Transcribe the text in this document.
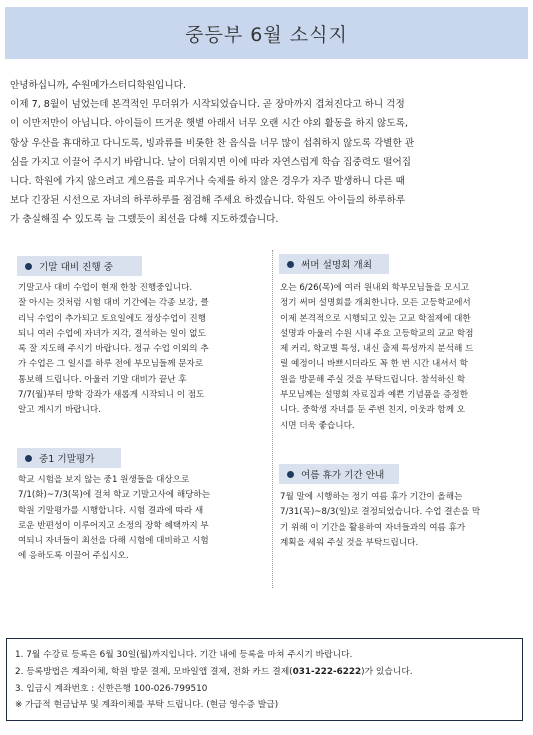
중등부 6월 소식지
안녕하십니까, 수원메가스터디학원입니다.
이제 7, 8월이 넘었는데 본격적인 무더위가 시작되었습니다. 곧 장마까지 겹쳐진다고 하니 걱정
이 이만저만이 아닙니다. 아이들이 뜨거운 햇볕 아래서 너무 오랜 시간 야외 활동을 하지 않도록,
항상 우산을 휴대하고 다니도록, 빙과류를 비롯한 찬 음식을 너무 많이 섭취하지 않도록 각별한 관
심을 가지고 이끌어 주시기 바랍니다. 날이 더워지면 이에 따라 자연스럽게 학습 집중력도 떨어집
니다. 학원에 가지 않으려고 게으름을 피우거나 숙제를 하지 않은 경우가 자주 발생하니 다른 때
보다 긴장된 시선으로 자녀의 하루하루를 점검해 주세요 하겠습니다. 학원도 아이들의 하루하루
가 충실해질 수 있도록 늘 그랬듯이 최선을 다해 지도하겠습니다.
기말 대비 진행 중
기말고사 대비 수업이 현재 한창 진행중입니다.
잘 아시는 것처럼 시험 대비 기간에는 각종 보강, 클
리닉 수업이 추가되고 토요일에도 정상수업이 진행
되니 여러 수업에 자녀가 지각, 결석하는 일이 없도
록 잘 지도해 주시기 바랍니다. 정규 수업 이외의 추
가 수업은 그 일시를 하루 전에 부모님들께 문자로
통보해 드립니다. 아울러 기말 대비가 끝난 후
7/7(월)부터 방학 강좌가 새롭게 시작되니 이 점도
알고 계시기 바랍니다.
중1 기말평가
학교 시험을 보지 않는 중1 원생들을 대상으로
7/1(화)~7/3(목)에 걸쳐 학교 기말고사에 해당하는
학원 기말평가를 시행합니다. 시험 결과에 따라 새
로운 반편성이 이루어지고 소정의 장학 혜택까지 부
여되니 자녀들이 최선을 다해 시험에 대비하고 시험
에 응하도록 이끌어 주십시오.
써머 설명회 개최
오는 6/26(목)에 여러 원내외 학부모님들을 모시고
정기 써머 설명회를 개최한니다. 모든 고등학교에서
이제 본격적으로 시행되고 있는 고교 학점제에 대한
설명과 아울러 수원 시내 주요 고등학교의 교교 학점
제 커리, 학교별 특성, 내신 출제 특성까지 분석해 드
릴 예정이니 바쁘시더라도 꼭 한 번 시간 내셔서 학
원을 방문해 주실 것을 부탁드립니다. 참석하신 학
부모님께는 설명회 자료집과 예쁜 기념품을 증정한
니다. 중학생 자녀를 둔 주변 친지, 이웃과 함께 오
시면 더욱 좋습니다.
여름 휴가 기간 안내
7월 말에 시행하는 정기 여름 휴가 기간이 올해는
7/31(목)~8/3(일)로 결정되었습니다. 수업 결손을 막
기 위해 이 기간을 활용하여 자녀들과의 여름 휴가
계획을 세워 주실 것을 부탁드립니다.
1. 7월 수강료 등록은 6월 30일(월)까지입니다. 기간 내에 등록을 마쳐 주시기 바랍니다.
2. 등록방법은 계좌이체, 학원 방문 결제, 모바일앱 결제, 전화 카드 결제(031-222-6222)가 있습니다.
3. 입금시 계좌번호 : 신한은행 100-026-799510
※ 가급적 현금납부 및 계좌이체를 부탁 드립니다. (현금 영수증 발급)
